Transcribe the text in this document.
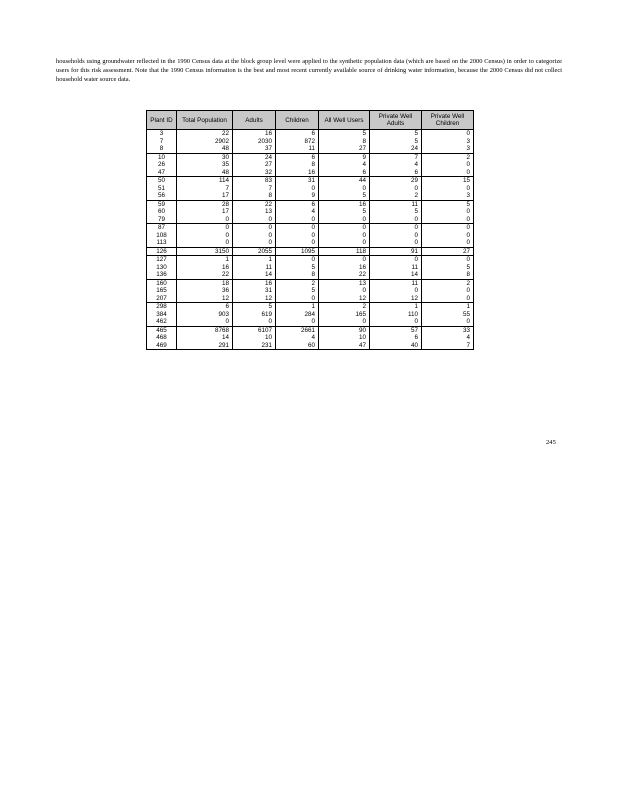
households using groundwater reflected in the 1990 Census data at the block group level were applied to the synthetic population data (which are based on the 2000 Census) in order to categorize users for this risk assessment. Note that the 1990 Census information is the best and most recent currently available source of drinking water information, because the 2000 Census did not collect household water source data.
Plant ID	Total Population	Adults	Children	All Well Users	Private Well Adults	Private Well Children
3	22	16	6	5	5	0
7	2902	2030	872	8	5	3
8	48	37	11	27	24	3
10	30	24	6	9	7	2
26	35	27	8	4	4	0
47	48	32	16	6	6	0
50	114	83	31	44	29	15
51	7	7	0	0	0	0
56	17	8	9	5	2	3
59	28	22	6	16	11	5
60	17	13	4	5	5	0
79	0	0	0	0	0	0
87	0	0	0	0	0	0
108	0	0	0	0	0	0
113	0	0	0	0	0	0
126	3150	2055	1095	118	91	27
127	1	1	0	0	0	0
130	16	11	5	16	11	5
136	22	14	8	22	14	8
160	18	16	2	13	11	2
165	36	31	5	0	0	0
207	12	12	0	12	12	0
298	6	5	1	2	1	1
384	903	619	284	165	110	55
462	0	0	0	0	0	0
465	8768	6107	2661	90	57	33
468	14	10	4	10	6	4
469	291	231	60	47	40	7
245
